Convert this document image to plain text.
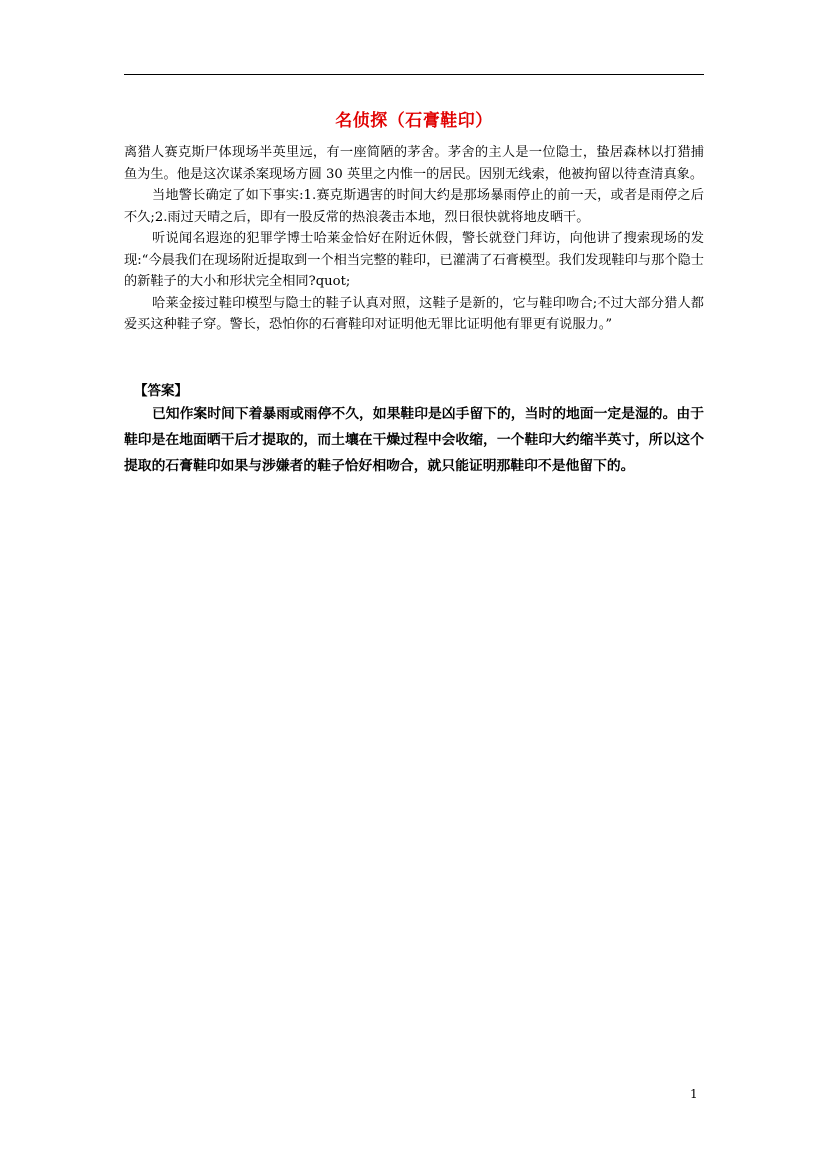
名侦探（石膏鞋印）

离猎人赛克斯尸体现场半英里远，有一座简陋的茅舍。茅舍的主人是一位隐士，蛰居森林以打猎捕鱼为生。他是这次谋杀案现场方圆 30 英里之内惟一的居民。因别无线索，他被拘留以待查清真象。

当地警长确定了如下事实:1.赛克斯遇害的时间大约是那场暴雨停止的前一天，或者是雨停之后不久;2.雨过天晴之后，即有一股反常的热浪袭击本地，烈日很快就将地皮晒干。

听说闻名遐迩的犯罪学博士哈莱金恰好在附近休假，警长就登门拜访，向他讲了搜索现场的发现:“今晨我们在现场附近提取到一个相当完整的鞋印，已灌满了石膏模型。我们发现鞋印与那个隐士的新鞋子的大小和形状完全相同?quot;

哈莱金接过鞋印模型与隐士的鞋子认真对照，这鞋子是新的，它与鞋印吻合;不过大部分猎人都爱买这种鞋子穿。警长，恐怕你的石膏鞋印对证明他无罪比证明他有罪更有说服力。”

【答案】

已知作案时间下着暴雨或雨停不久，如果鞋印是凶手留下的，当时的地面一定是湿的。由于鞋印是在地面晒干后才提取的，而土壤在干燥过程中会收缩，一个鞋印大约缩半英寸，所以这个提取的石膏鞋印如果与涉嫌者的鞋子恰好相吻合，就只能证明那鞋印不是他留下的。

1
